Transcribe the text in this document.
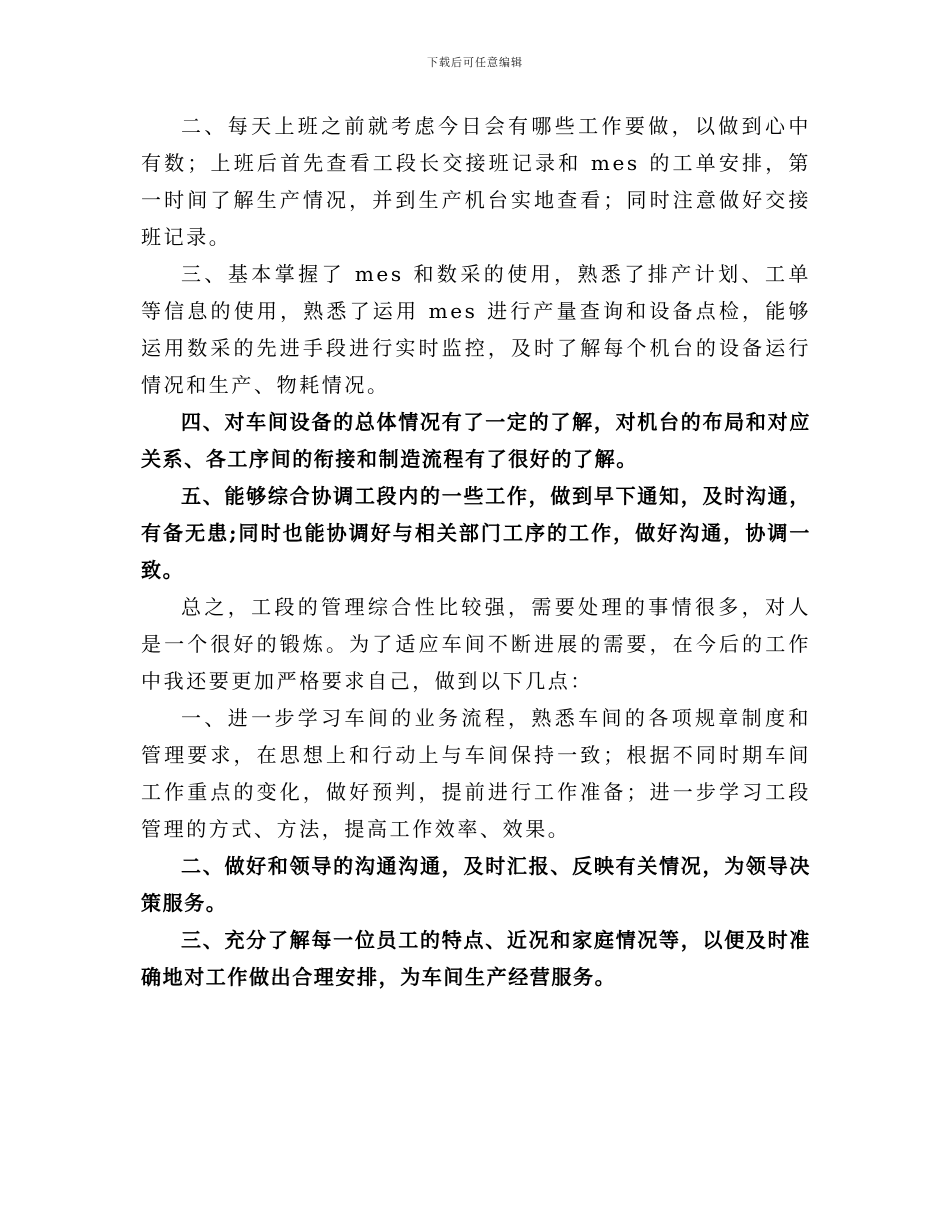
下载后可任意编辑

二、每天上班之前就考虑今日会有哪些工作要做，以做到心中有数；上班后首先查看工段长交接班记录和 mes 的工单安排，第一时间了解生产情况，并到生产机台实地查看；同时注意做好交接班记录。

三、基本掌握了 mes 和数采的使用，熟悉了排产计划、工单等信息的使用，熟悉了运用 mes 进行产量查询和设备点检，能够运用数采的先进手段进行实时监控，及时了解每个机台的设备运行情况和生产、物耗情况。

四、对车间设备的总体情况有了一定的了解，对机台的布局和对应关系、各工序间的衔接和制造流程有了很好的了解。

五、能够综合协调工段内的一些工作，做到早下通知，及时沟通，有备无患;同时也能协调好与相关部门工序的工作，做好沟通，协调一致。

总之，工段的管理综合性比较强，需要处理的事情很多，对人是一个很好的锻炼。为了适应车间不断进展的需要，在今后的工作中我还要更加严格要求自己，做到以下几点：

一、进一步学习车间的业务流程，熟悉车间的各项规章制度和管理要求，在思想上和行动上与车间保持一致；根据不同时期车间工作重点的变化，做好预判，提前进行工作准备；进一步学习工段管理的方式、方法，提高工作效率、效果。

二、做好和领导的沟通沟通，及时汇报、反映有关情况，为领导决策服务。

三、充分了解每一位员工的特点、近况和家庭情况等，以便及时准确地对工作做出合理安排，为车间生产经营服务。
